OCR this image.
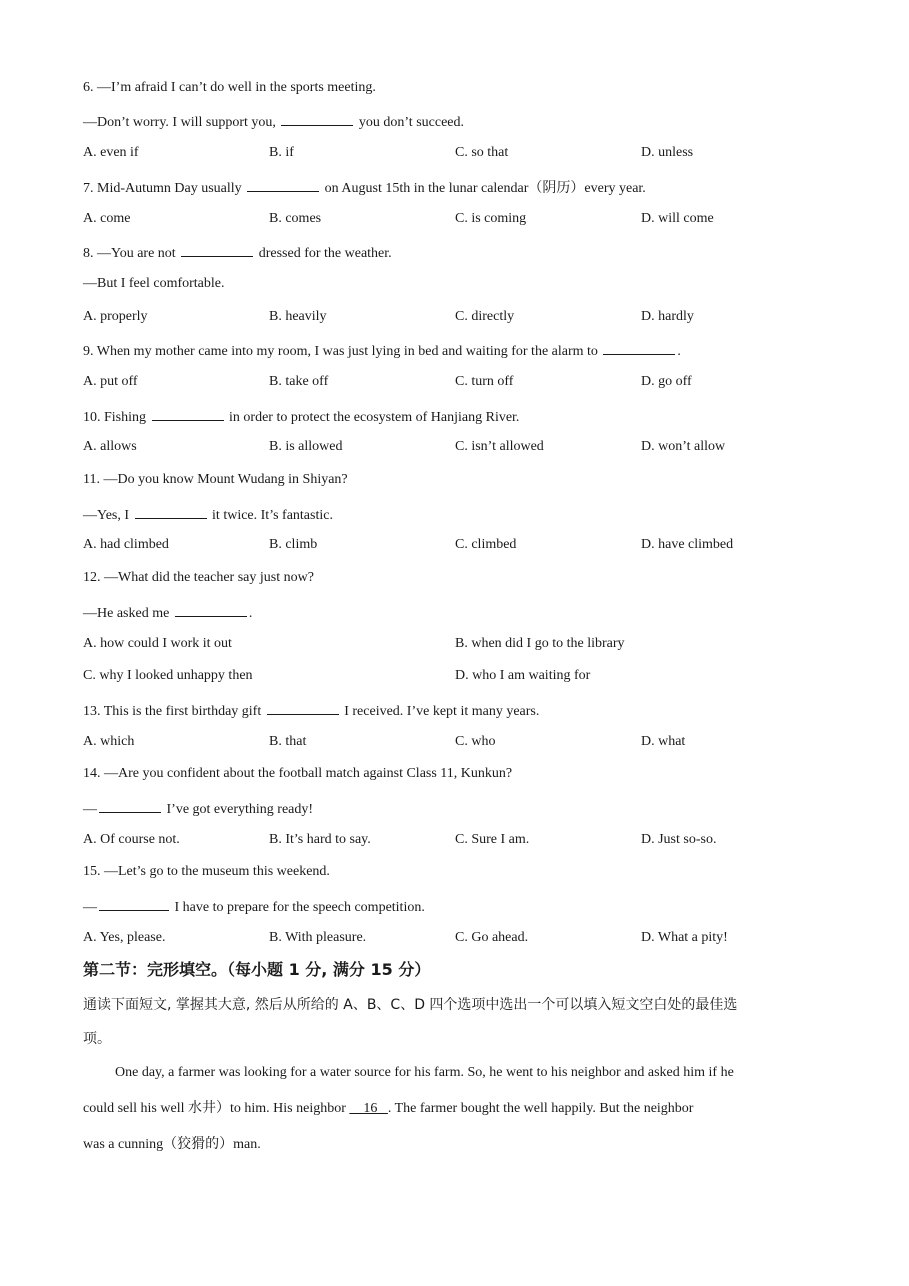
6. —I’m afraid I can’t do well in the sports meeting.
—Don’t worry. I will support you,	you don’t succeed.
A. even if	B. if	C. so that	D. unless
7. Mid-Autumn Day usually	on August 15th in the lunar calendar（阴历）every year.
A. come	B. comes	C. is coming	D. will come
8. —You are not	dressed for the weather.
—But I feel comfortable.
A. properly	B. heavily	C. directly	D. hardly
9. When my mother came into my room, I was just lying in bed and waiting for the alarm to	.
A. put off	B. take off	C. turn off	D. go off
10. Fishing	in order to protect the ecosystem of Hanjiang River.
A. allows	B. is allowed	C. isn’t allowed	D. won’t allow
11. —Do you know Mount Wudang in Shiyan?
—Yes, I	it twice. It’s fantastic.
A. had climbed	B. climb	C. climbed	D. have climbed
12. —What did the teacher say just now?
—He asked me	.
A. how could I work it out	B. when did I go to the library
C. why I looked unhappy then	D. who I am waiting for
13. This is the first birthday gift	I received. I’ve kept it many years.
A. which	B. that	C. who	D. what
14. —Are you confident about the football match against Class 11, Kunkun?
—	I’ve got everything ready!
A. Of course not.	B. It’s hard to say.	C. Sure I am.	D. Just so-so.
15. —Let’s go to the museum this weekend.
—	I have to prepare for the speech competition.
A. Yes, please.	B. With pleasure.	C. Go ahead.	D. What a pity!
第二节：完形填空。（每小题 1 分, 满分 15 分）
通读下面短文, 掌握其大意, 然后从所给的 A、B、C、D 四个选项中选出一个可以填入短文空白处的最佳选
项。
One day, a farmer was looking for a water source for his farm. So, he went to his neighbor and asked him if he
could sell his well 水井）to him. His neighbor 16 . The farmer bought the well happily. But the neighbor
was a cunning（狡猾的）man.
